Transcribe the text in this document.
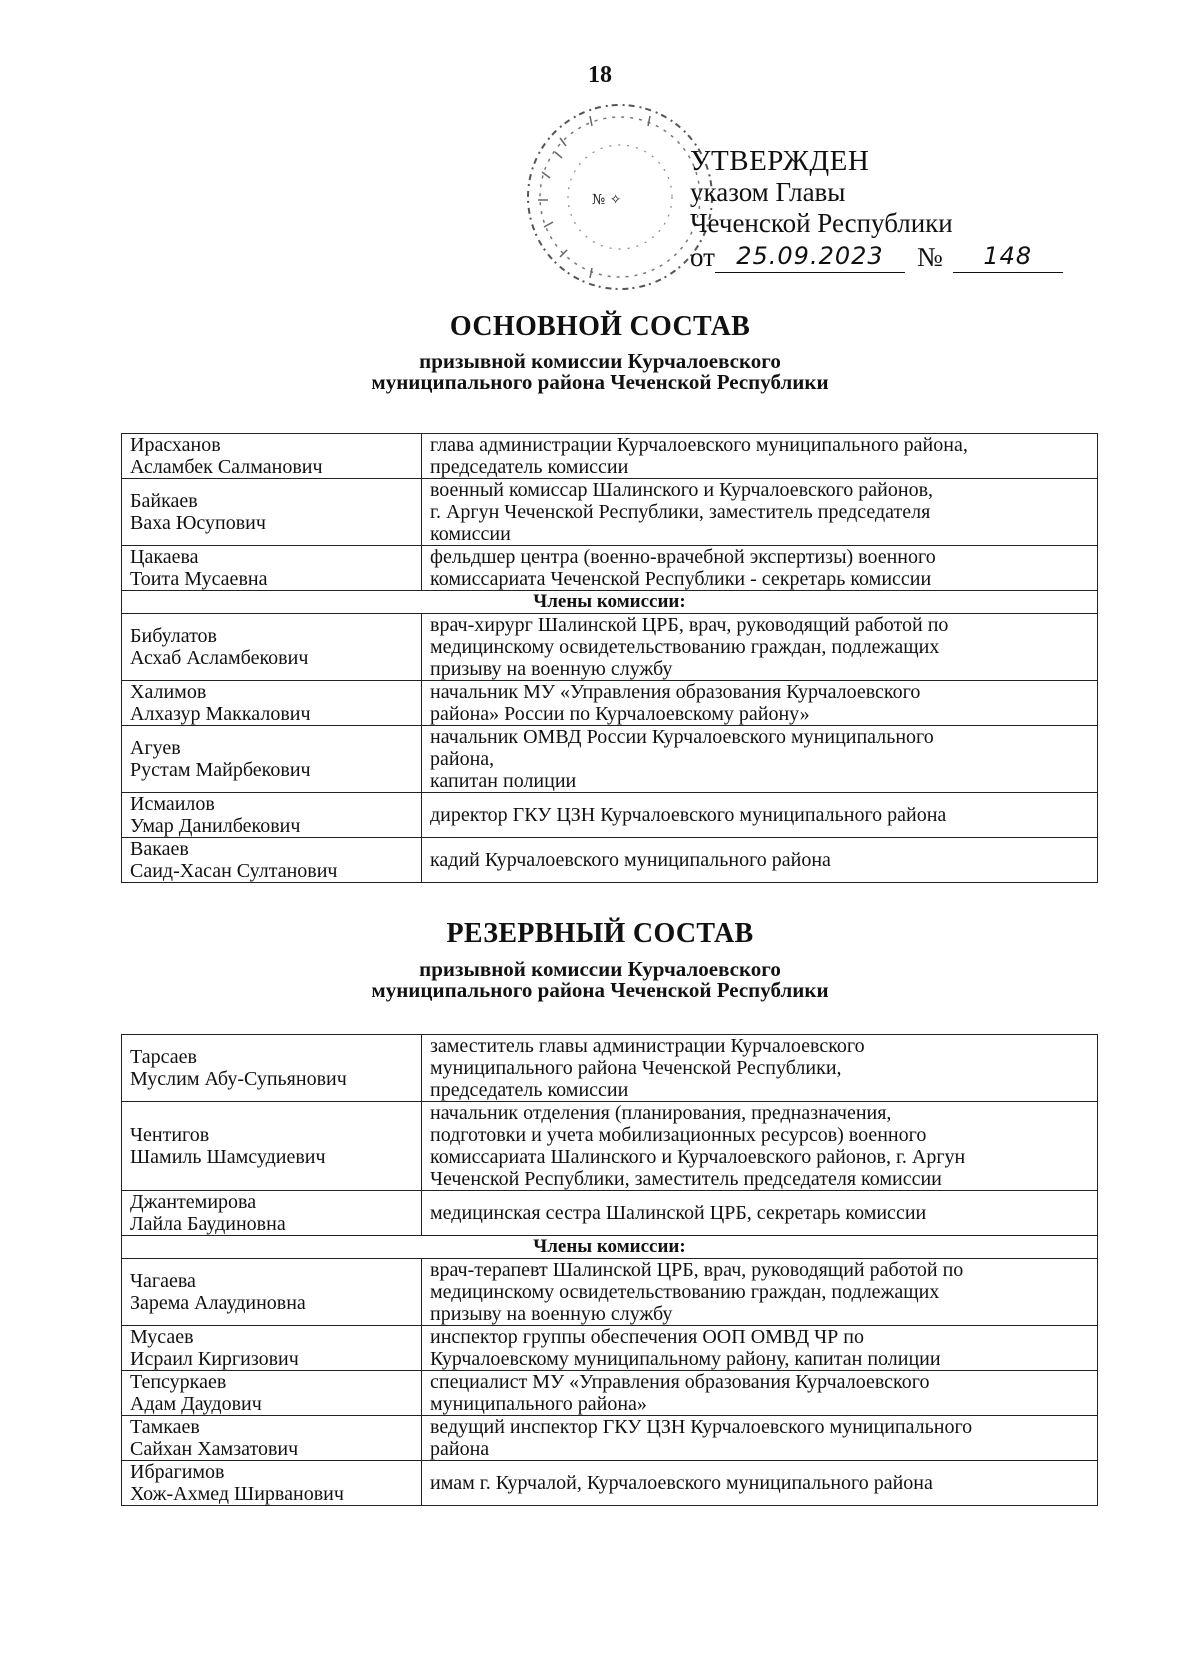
18
№ ✧
УТВЕРЖДЕН
указом Главы
Чеченской Республики
от 25.09.2023	№	148
ОСНОВНОЙ СОСТАВ
призывной комиссии Курчалоевского
муниципального района Чеченской Республики
Ирасханов
Асламбек Салманович	глава администрации Курчалоевского муниципального района,
председатель комиссии

Байкаев
Ваха Юсупович	военный комиссар Шалинского и Курчалоевского районов,
г. Аргун Чеченской Республики, заместитель председателя
комиссии

Цакаева
Тоита Мусаевна	фельдшер центра (военно-врачебной экспертизы) военного
комиссариата Чеченской Республики - секретарь комиссии

Члены комиссии:	

Бибулатов
Асхаб Асламбекович	врач-хирург Шалинской ЦРБ, врач, руководящий работой по
медицинскому освидетельствованию граждан, подлежащих
призыву на военную службу

Халимов
Алхазур Маккалович	начальник МУ «Управления образования Курчалоевского
района» России по Курчалоевскому району»

Агуев
Рустам Майрбекович	начальник ОМВД России Курчалоевского муниципального
района,
капитан полиции

Исмаилов
Умар Данилбекович	директор ГКУ ЦЗН Курчалоевского муниципального района

Вакаев
Саид-Хасан Султанович	кадий Курчалоевского муниципального района
РЕЗЕРВНЫЙ СОСТАВ
призывной комиссии Курчалоевского
муниципального района Чеченской Республики
Тарсаев
Муслим Абу-Супьянович	заместитель главы администрации Курчалоевского
муниципального района Чеченской Республики,
председатель комиссии

Чентигов
Шамиль Шамсудиевич	начальник отделения (планирования, предназначения,
подготовки и учета мобилизационных ресурсов) военного
комиссариата Шалинского и Курчалоевского районов, г. Аргун
Чеченской Республики, заместитель председателя комиссии

Джантемирова
Лайла Баудиновна	медицинская сестра Шалинской ЦРБ, секретарь комиссии

Члены комиссии:	

Чагаева
Зарема Алаудиновна	врач-терапевт Шалинской ЦРБ, врач, руководящий работой по
медицинскому освидетельствованию граждан, подлежащих
призыву на военную службу

Мусаев
Исраил Киргизович	инспектор группы обеспечения ООП ОМВД ЧР по
Курчалоевскому муниципальному району, капитан полиции

Тепсуркаев
Адам Даудович	специалист МУ «Управления образования Курчалоевского
муниципального района»

Тамкаев
Сайхан Хамзатович	ведущий инспектор ГКУ ЦЗН Курчалоевского муниципального
района

Ибрагимов
Хож-Ахмед Ширванович	имам г. Курчалой, Курчалоевского муниципального района
